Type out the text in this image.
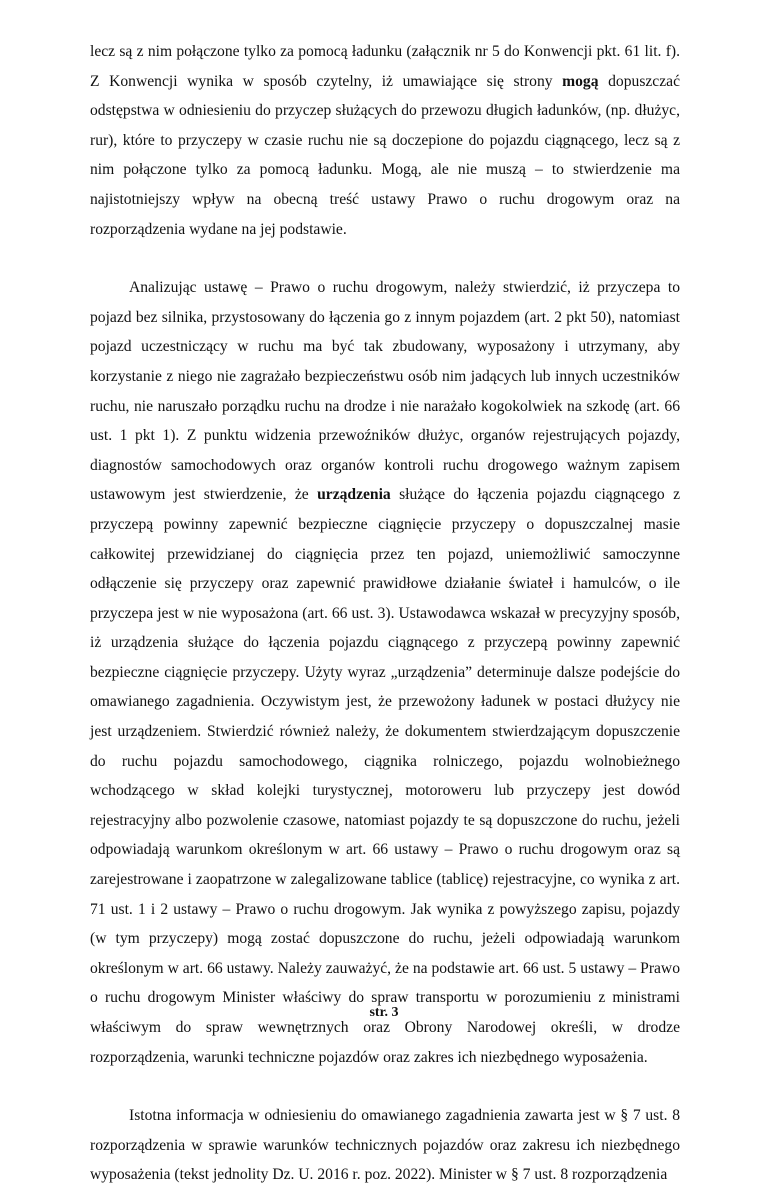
lecz są z nim połączone tylko za pomocą ładunku (załącznik nr 5 do Konwencji pkt. 61 lit. f). Z Konwencji wynika w sposób czytelny, iż umawiające się strony mogą dopuszczać odstępstwa w odniesieniu do przyczep służących do przewozu długich ładunków, (np. dłużyc, rur), które to przyczepy w czasie ruchu nie są doczepione do pojazdu ciągnącego, lecz są z nim połączone tylko za pomocą ładunku. Mogą, ale nie muszą – to stwierdzenie ma najistotniejszy wpływ na obecną treść ustawy Prawo o ruchu drogowym oraz na rozporządzenia wydane na jej podstawie.

Analizując ustawę – Prawo o ruchu drogowym, należy stwierdzić, iż przyczepa to pojazd bez silnika, przystosowany do łączenia go z innym pojazdem (art. 2 pkt 50), natomiast pojazd uczestniczący w ruchu ma być tak zbudowany, wyposażony i utrzymany, aby korzystanie z niego nie zagrażało bezpieczeństwu osób nim jadących lub innych uczestników ruchu, nie naruszało porządku ruchu na drodze i nie narażało kogokolwiek na szkodę (art. 66 ust. 1 pkt 1). Z punktu widzenia przewoźników dłużyc, organów rejestrujących pojazdy, diagnostów samochodowych oraz organów kontroli ruchu drogowego ważnym zapisem ustawowym jest stwierdzenie, że urządzenia służące do łączenia pojazdu ciągnącego z przyczepą powinny zapewnić bezpieczne ciągnięcie przyczepy o dopuszczalnej masie całkowitej przewidzianej do ciągnięcia przez ten pojazd, uniemożliwić samoczynne odłączenie się przyczepy oraz zapewnić prawidłowe działanie świateł i hamulców, o ile przyczepa jest w nie wyposażona (art. 66 ust. 3). Ustawodawca wskazał w precyzyjny sposób, iż urządzenia służące do łączenia pojazdu ciągnącego z przyczepą powinny zapewnić bezpieczne ciągnięcie przyczepy. Użyty wyraz „urządzenia” determinuje dalsze podejście do omawianego zagadnienia. Oczywistym jest, że przewożony ładunek w postaci dłużycy nie jest urządzeniem. Stwierdzić również należy, że dokumentem stwierdzającym dopuszczenie do ruchu pojazdu samochodowego, ciągnika rolniczego, pojazdu wolnobieżnego wchodzącego w skład kolejki turystycznej, motoroweru lub przyczepy jest dowód rejestracyjny albo pozwolenie czasowe, natomiast pojazdy te są dopuszczone do ruchu, jeżeli odpowiadają warunkom określonym w art. 66 ustawy – Prawo o ruchu drogowym oraz są zarejestrowane i zaopatrzone w zalegalizowane tablice (tablicę) rejestracyjne, co wynika z art. 71 ust. 1 i 2 ustawy – Prawo o ruchu drogowym. Jak wynika z powyższego zapisu, pojazdy (w tym przyczepy) mogą zostać dopuszczone do ruchu, jeżeli odpowiadają warunkom określonym w art. 66 ustawy. Należy zauważyć, że na podstawie art. 66 ust. 5 ustawy – Prawo o ruchu drogowym Minister właściwy do spraw transportu w porozumieniu z ministrami właściwym do spraw wewnętrznych oraz Obrony Narodowej określi, w drodze rozporządzenia, warunki techniczne pojazdów oraz zakres ich niezbędnego wyposażenia.

Istotna informacja w odniesieniu do omawianego zagadnienia zawarta jest w § 7 ust. 8 rozporządzenia w sprawie warunków technicznych pojazdów oraz zakresu ich niezbędnego wyposażenia (tekst jednolity Dz. U. 2016 r. poz. 2022). Minister w § 7 ust. 8 rozporządzenia

str. 3
